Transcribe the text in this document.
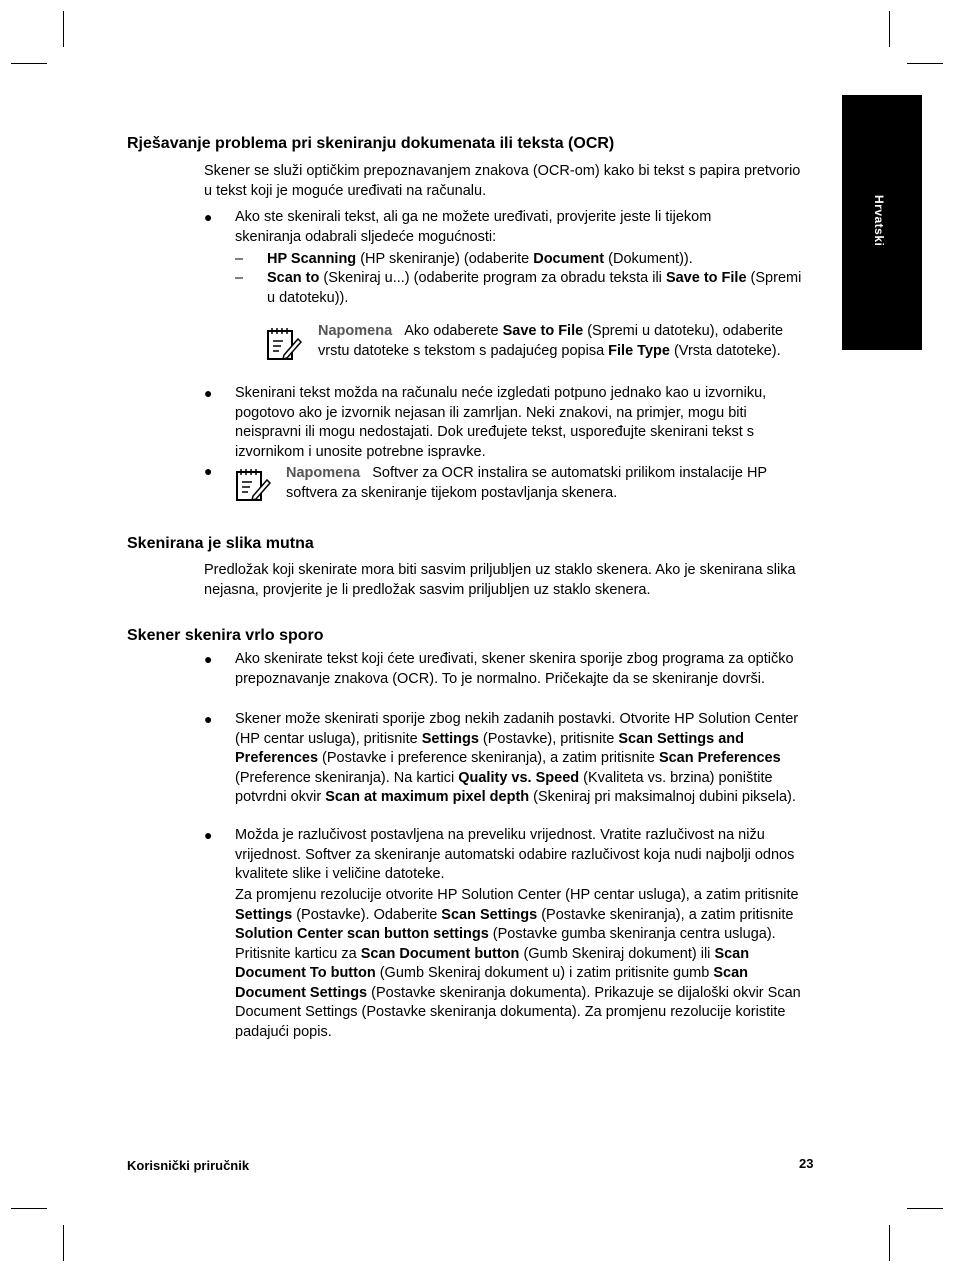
Hrvatski
Rješavanje problema pri skeniranju dokumenata ili teksta (OCR)
Skener se služi optičkim prepoznavanjem znakova (OCR-om) kako bi tekst s papira pretvorio u tekst koji je moguće uređivati na računalu.
● Ako ste skenirali tekst, ali ga ne možete uređivati, provjerite jeste li tijekom skeniranja odabrali sljedeće mogućnosti:
– HP Scanning (HP skeniranje) (odaberite Document (Dokument)).
– Scan to (Skeniraj u...) (odaberite program za obradu teksta ili Save to File (Spremi u datoteku)).
Napomena Ako odaberete Save to File (Spremi u datoteku), odaberite vrstu datoteke s tekstom s padajućeg popisa File Type (Vrsta datoteke).
● Skenirani tekst možda na računalu neće izgledati potpuno jednako kao u izvorniku, pogotovo ako je izvornik nejasan ili zamrljan. Neki znakovi, na primjer, mogu biti neispravni ili mogu nedostajati. Dok uređujete tekst, uspoređujte skenirani tekst s izvornikom i unosite potrebne ispravke.
●	Napomena Softver za OCR instalira se automatski prilikom instalacije HP softvera za skeniranje tijekom postavljanja skenera.
Skenirana je slika mutna
Predložak koji skenirate mora biti sasvim priljubljen uz staklo skenera. Ako je skenirana slika nejasna, provjerite je li predložak sasvim priljubljen uz staklo skenera.
Skener skenira vrlo sporo
● Ako skenirate tekst koji ćete uređivati, skener skenira sporije zbog programa za optičko prepoznavanje znakova (OCR). To je normalno. Pričekajte da se skeniranje dovrši.
● Skener može skenirati sporije zbog nekih zadanih postavki. Otvorite HP Solution Center (HP centar usluga), pritisnite Settings (Postavke), pritisnite Scan Settings and Preferences (Postavke i preference skeniranja), a zatim pritisnite Scan Preferences (Preference skeniranja). Na kartici Quality vs. Speed (Kvaliteta vs. brzina) poništite potvrdni okvir Scan at maximum pixel depth (Skeniraj pri maksimalnoj dubini piksela).
● Možda je razlučivost postavljena na preveliku vrijednost. Vratite razlučivost na nižu vrijednost. Softver za skeniranje automatski odabire razlučivost koja nudi najbolji odnos kvalitete slike i veličine datoteke.
Za promjenu rezolucije otvorite HP Solution Center (HP centar usluga), a zatim pritisnite Settings (Postavke). Odaberite Scan Settings (Postavke skeniranja), a zatim pritisnite Solution Center scan button settings (Postavke gumba skeniranja centra usluga). Pritisnite karticu za Scan Document button (Gumb Skeniraj dokument) ili Scan Document To button (Gumb Skeniraj dokument u) i zatim pritisnite gumb Scan Document Settings (Postavke skeniranja dokumenta). Prikazuje se dijaloški okvir Scan Document Settings (Postavke skeniranja dokumenta). Za promjenu rezolucije koristite padajući popis.
Korisnički priručnik	23
